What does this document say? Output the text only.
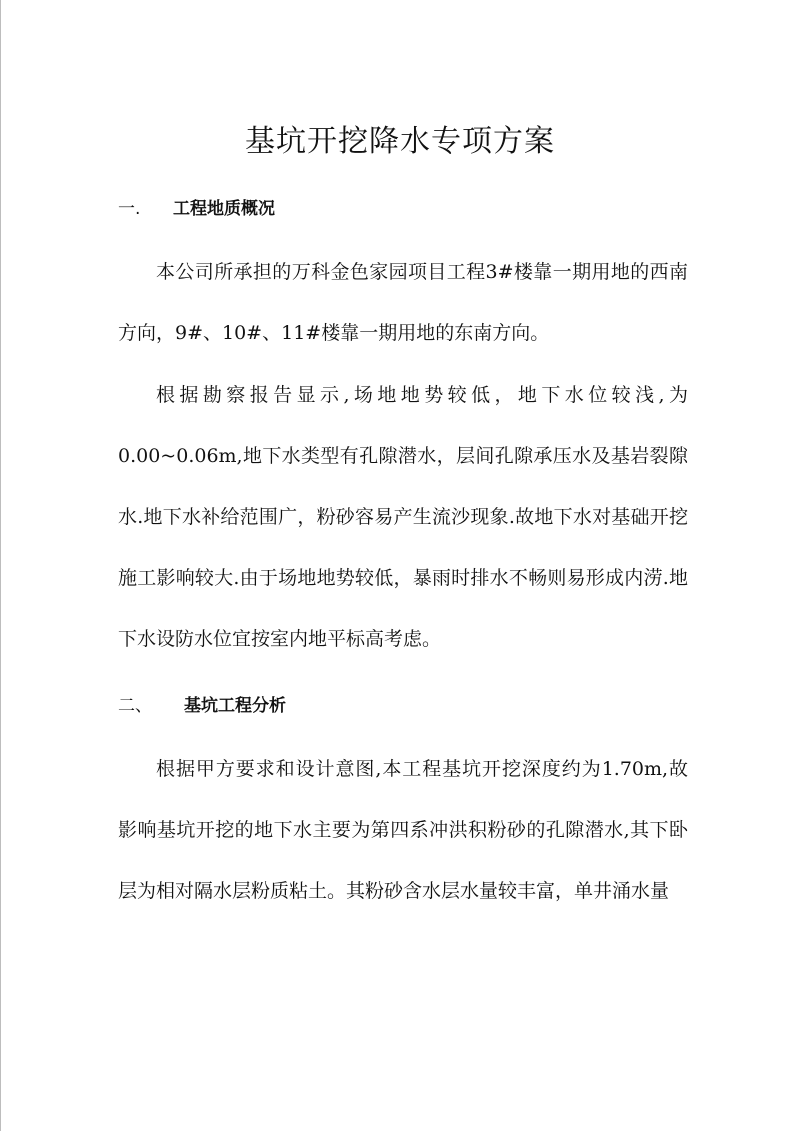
基坑开挖降水专项方案
一. 工程地质概况

本公司所承担的万科金色家园项目工程3#楼靠一期用地的西南 方向，9#、10#、11#楼靠一期用地的东南方向。

根据勘察报告显示,场地地势较低，地下水位较浅,为0.00~0.06m,地下水类型有孔隙潜水，层间孔隙承压水及基岩裂隙水.地下水补给范围广，粉砂容易产生流沙现象.故地下水对基础开挖施工影响较大.由于场地地势较低，暴雨时排水不畅则易形成内涝.地下水设防水位宜按室内地平标高考虑。

二、 基坑工程分析

根据甲方要求和设计意图,本工程基坑开挖深度约为1.70m,故 影响基坑开挖的地下水主要为第四系冲洪积粉砂的孔隙潜水,其下卧 层为相对隔水层粉质粘土。其粉砂含水层水量较丰富，单井涌水量
